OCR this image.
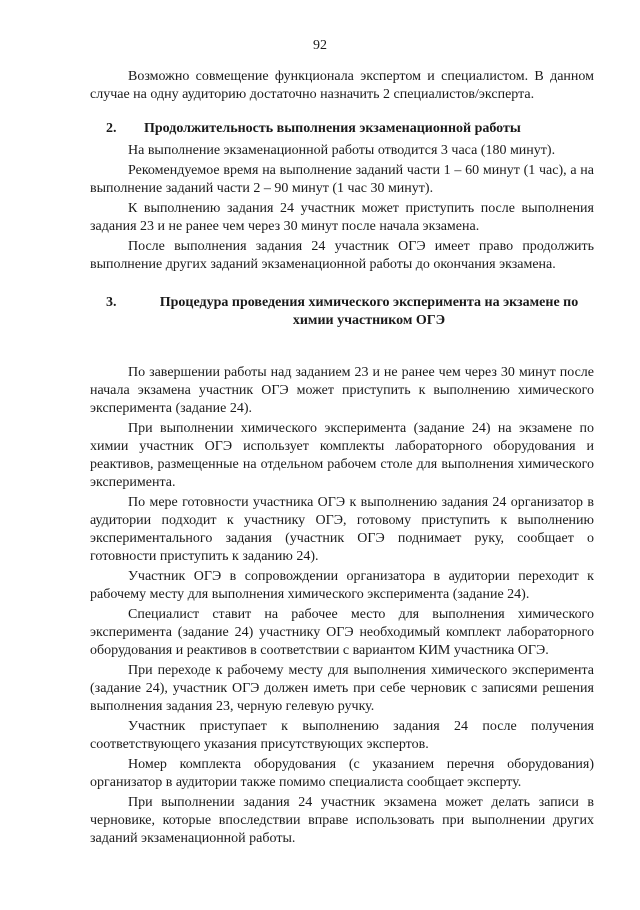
92

Возможно совмещение функционала экспертом и специалистом. В данном случае на одну аудиторию достаточно назначить 2 специалистов/эксперта.

2.	Продолжительность выполнения экзаменационной работы

На выполнение экзаменационной работы отводится 3 часа (180 минут).

Рекомендуемое время на выполнение заданий части 1 – 60 минут (1 час), а на выполнение заданий части 2 – 90 минут (1 час 30 минут).

К выполнению задания 24 участник может приступить после выполнения задания 23 и не ранее чем через 30 минут после начала экзамена.

После выполнения задания 24 участник ОГЭ имеет право продолжить выполнение других заданий экзаменационной работы до окончания экзамена.

3.	Процедура проведения химического эксперимента на экзамене по химии участником ОГЭ

По завершении работы над заданием 23 и не ранее чем через 30 минут после начала экзамена участник ОГЭ может приступить к выполнению химического эксперимента (задание 24).

При выполнении химического эксперимента (задание 24) на экзамене по химии участник ОГЭ использует комплекты лабораторного оборудования и реактивов, размещенные на отдельном рабочем столе для выполнения химического эксперимента.

По мере готовности участника ОГЭ к выполнению задания 24 организатор в аудитории подходит к участнику ОГЭ, готовому приступить к выполнению экспериментального задания (участник ОГЭ поднимает руку, сообщает о готовности приступить к заданию 24).

Участник ОГЭ в сопровождении организатора в аудитории переходит к рабочему месту для выполнения химического эксперимента (задание 24).

Специалист ставит на рабочее место для выполнения химического эксперимента (задание 24) участнику ОГЭ необходимый комплект лабораторного оборудования и реактивов в соответствии с вариантом КИМ участника ОГЭ.

При переходе к рабочему месту для выполнения химического эксперимента (задание 24), участник ОГЭ должен иметь при себе черновик с записями решения выполнения задания 23, черную гелевую ручку.

Участник приступает к выполнению задания 24 после получения соответствующего указания присутствующих экспертов.

Номер комплекта оборудования (с указанием перечня оборудования) организатор в аудитории также помимо специалиста сообщает эксперту.

При выполнении задания 24 участник экзамена может делать записи в черновике, которые впоследствии вправе использовать при выполнении других заданий экзаменационной работы.
